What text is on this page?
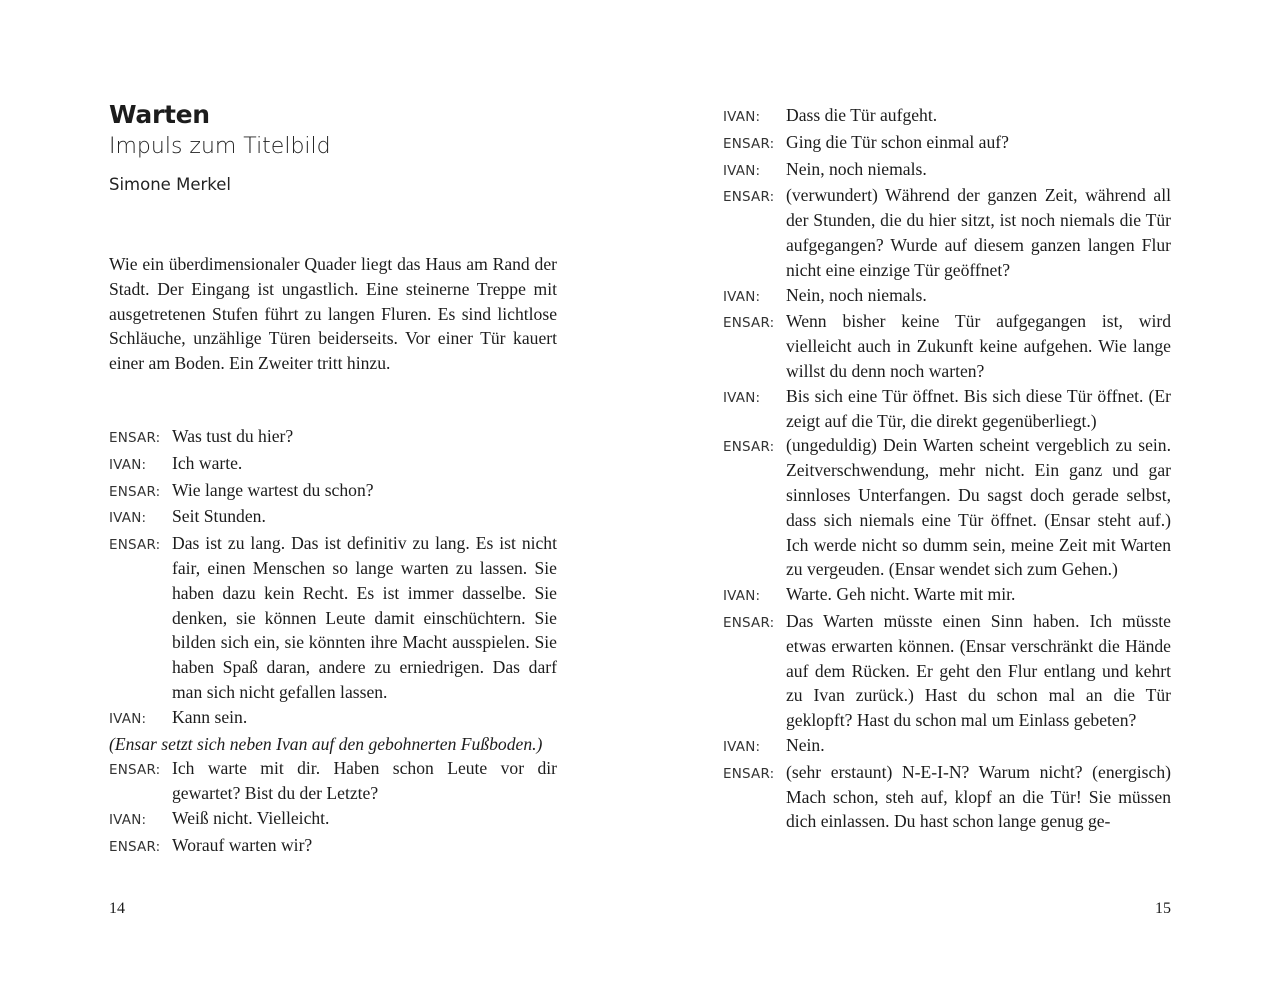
Warten
Impuls zum Titelbild
Simone Merkel

Wie ein überdimensionaler Quader liegt das Haus am Rand der Stadt. Der Eingang ist ungastlich. Eine steinerne Treppe mit ausgetretenen Stufen führt zu langen Fluren. Es sind lichtlose Schläuche, unzählige Türen beiderseits. Vor einer Tür kauert einer am Boden. Ein Zweiter tritt hinzu.

ENSAR: Was tust du hier?
IVAN:	Ich warte.
ENSAR: Wie lange wartest du schon?
IVAN:	Seit Stunden.
ENSAR: Das ist zu lang. Das ist definitiv zu lang. Es ist nicht fair, einen Menschen so lange warten zu lassen. Sie haben dazu kein Recht. Es ist immer dasselbe. Sie denken, sie können Leute damit einschüchtern. Sie bilden sich ein, sie könnten ihre Macht ausspielen. Sie haben Spaß daran, andere zu erniedrigen. Das darf man sich nicht gefallen lassen.
IVAN:	Kann sein.
(Ensar setzt sich neben Ivan auf den gebohnerten Fußboden.)
ENSAR: Ich warte mit dir. Haben schon Leute vor dir gewartet? Bist du der Letzte?
IVAN:	Weiß nicht. Vielleicht.
ENSAR: Worauf warten wir?
14
IVAN:	Dass die Tür aufgeht.
ENSAR: Ging die Tür schon einmal auf?
IVAN:	Nein, noch niemals.
ENSAR: (verwundert) Während der ganzen Zeit, während all der Stunden, die du hier sitzt, ist noch niemals die Tür aufgegangen? Wurde auf diesem ganzen langen Flur nicht eine einzige Tür geöffnet?
IVAN:	Nein, noch niemals.
ENSAR: Wenn bisher keine Tür aufgegangen ist, wird vielleicht auch in Zukunft keine aufgehen. Wie lange willst du denn noch warten?
IVAN:	Bis sich eine Tür öffnet. Bis sich diese Tür öffnet. (Er zeigt auf die Tür, die direkt gegenüberliegt.)
ENSAR: (ungeduldig) Dein Warten scheint vergeblich zu sein. Zeitverschwendung, mehr nicht. Ein ganz und gar sinnloses Unterfangen. Du sagst doch gerade selbst, dass sich niemals eine Tür öffnet. (Ensar steht auf.) Ich werde nicht so dumm sein, meine Zeit mit Warten zu vergeuden. (Ensar wendet sich zum Gehen.)
IVAN:	Warte. Geh nicht. Warte mit mir.
ENSAR: Das Warten müsste einen Sinn haben. Ich müsste etwas erwarten können. (Ensar verschränkt die Hände auf dem Rücken. Er geht den Flur entlang und kehrt zu Ivan zurück.) Hast du schon mal an die Tür geklopft? Hast du schon mal um Einlass gebeten?
IVAN:	Nein.
ENSAR: (sehr erstaunt) N-E-I-N? Warum nicht? (energisch) Mach schon, steh auf, klopf an die Tür! Sie müssen dich einlassen. Du hast schon lange genug ge-
15
